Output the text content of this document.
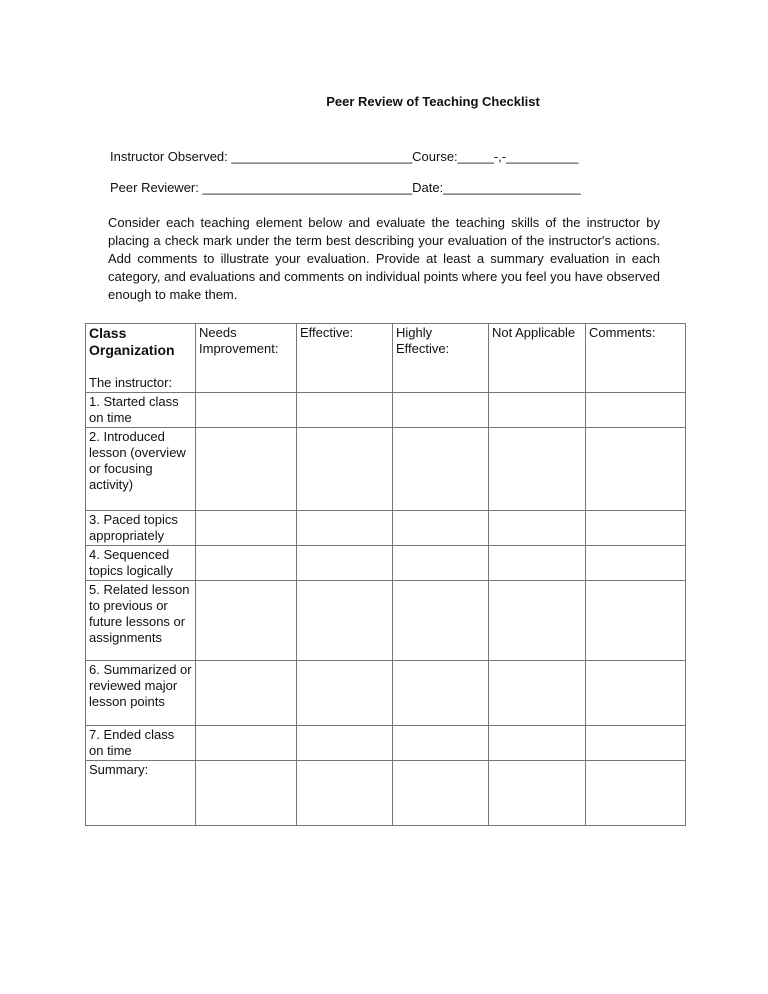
Peer Review of Teaching Checklist
Instructor Observed: _________________________Course:_____-,-__________
Peer Reviewer: _____________________________Date:___________________
Consider each teaching element below and evaluate the teaching skills of the instructor by placing a check mark under the term best describing your evaluation of the instructor's actions. Add comments to illustrate your evaluation. Provide at least a summary evaluation in each category, and evaluations and comments on individual points where you feel you have observed enough to make them.
Class Organization
The instructor:	Needs Improvement:	Effective:	Highly Effective:	Not Applicable	Comments:
1. Started class on time					
2. Introduced lesson (overview or focusing activity)					
3. Paced topics appropriately					
4. Sequenced topics logically					
5. Related lesson to previous or future lessons or assignments					
6. Summarized or reviewed major lesson points					
7. Ended class on time					
Summary:					
